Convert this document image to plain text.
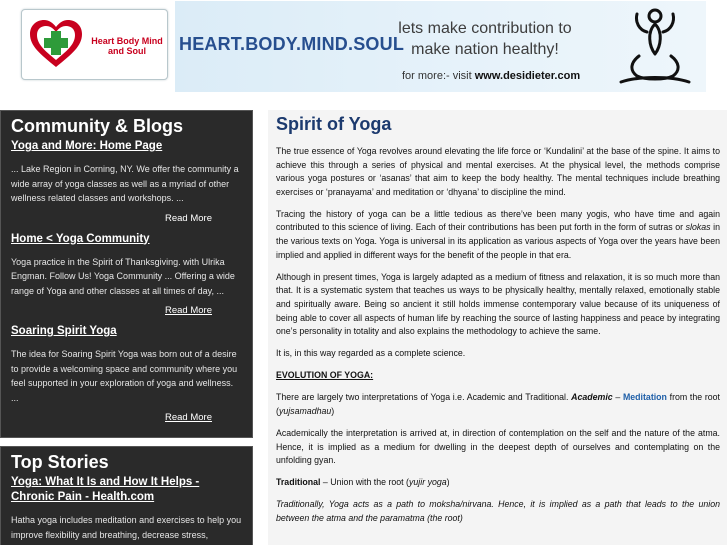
Heart Body Mind and Soul	HEART.BODY.MIND.SOUL
lets make contribution to
make nation healthy!
for more:- visit www.desidieter.com
Community & Blogs
Yoga and More: Home Page
... Lake Region in Corning, NY. We offer the community a wide array of yoga classes as well as a myriad of other wellness related classes and workshops. ...
Read More
Home < Yoga Community
Yoga practice in the Spirit of Thanksgiving. with Ulrika Engman. Follow Us! Yoga Community ... Offering a wide range of Yoga and other classes at all times of day, ...
Read More
Soaring Spirit Yoga
The idea for Soaring Spirit Yoga was born out of a desire to provide a welcoming space and community where you feel supported in your exploration of yoga and wellness. ...
Read More
Top Stories
Yoga: What It Is and How It Helps - Chronic Pain - Health.com
Hatha yoga includes meditation and exercises to help you improve flexibility and breathing, decrease stress,
Spirit of Yoga

The true essence of Yoga revolves around elevating the life force or ‘Kundalini’ at the base of the spine. It aims to achieve this through a series of physical and mental exercises. At the physical level, the methods comprise various yoga postures or ‘asanas’ that aim to keep the body healthy. The mental techniques include breathing exercises or ‘pranayama’ and meditation or ‘dhyana’ to discipline the mind.

Tracing the history of yoga can be a little tedious as there’ve been many yogis, who have time and again contributed to this science of living. Each of their contributions has been put forth in the form of sutras or slokas in the various texts on Yoga. Yoga is universal in its application as various aspects of Yoga over the years have been implied and applied in different ways for the benefit of the people in that era.

Although in present times, Yoga is largely adapted as a medium of fitness and relaxation, it is so much more than that. It is a systematic system that teaches us ways to be physically healthy, mentally relaxed, emotionally stable and spiritually aware. Being so ancient it still holds immense contemporary value because of its uniqueness of being able to cover all aspects of human life by reaching the source of lasting happiness and peace by integrating one’s personality in totality and also explains the methodology to achieve the same.

It is, in this way regarded as a complete science.

EVOLUTION OF YOGA:

There are largely two interpretations of Yoga i.e. Academic and Traditional. Academic – Meditation from the root (yujsamadhau)

Academically the interpretation is arrived at, in direction of contemplation on the self and the nature of the atma. Hence, it is implied as a medium for dwelling in the deepest depth of ourselves and contemplating on the unfolding gyan.

Traditional – Union with the root (yujir yoga)

Traditionally, Yoga acts as a path to moksha/nirvana. Hence, it is implied as a path that leads to the union between the atma and the paramatma (the root)
